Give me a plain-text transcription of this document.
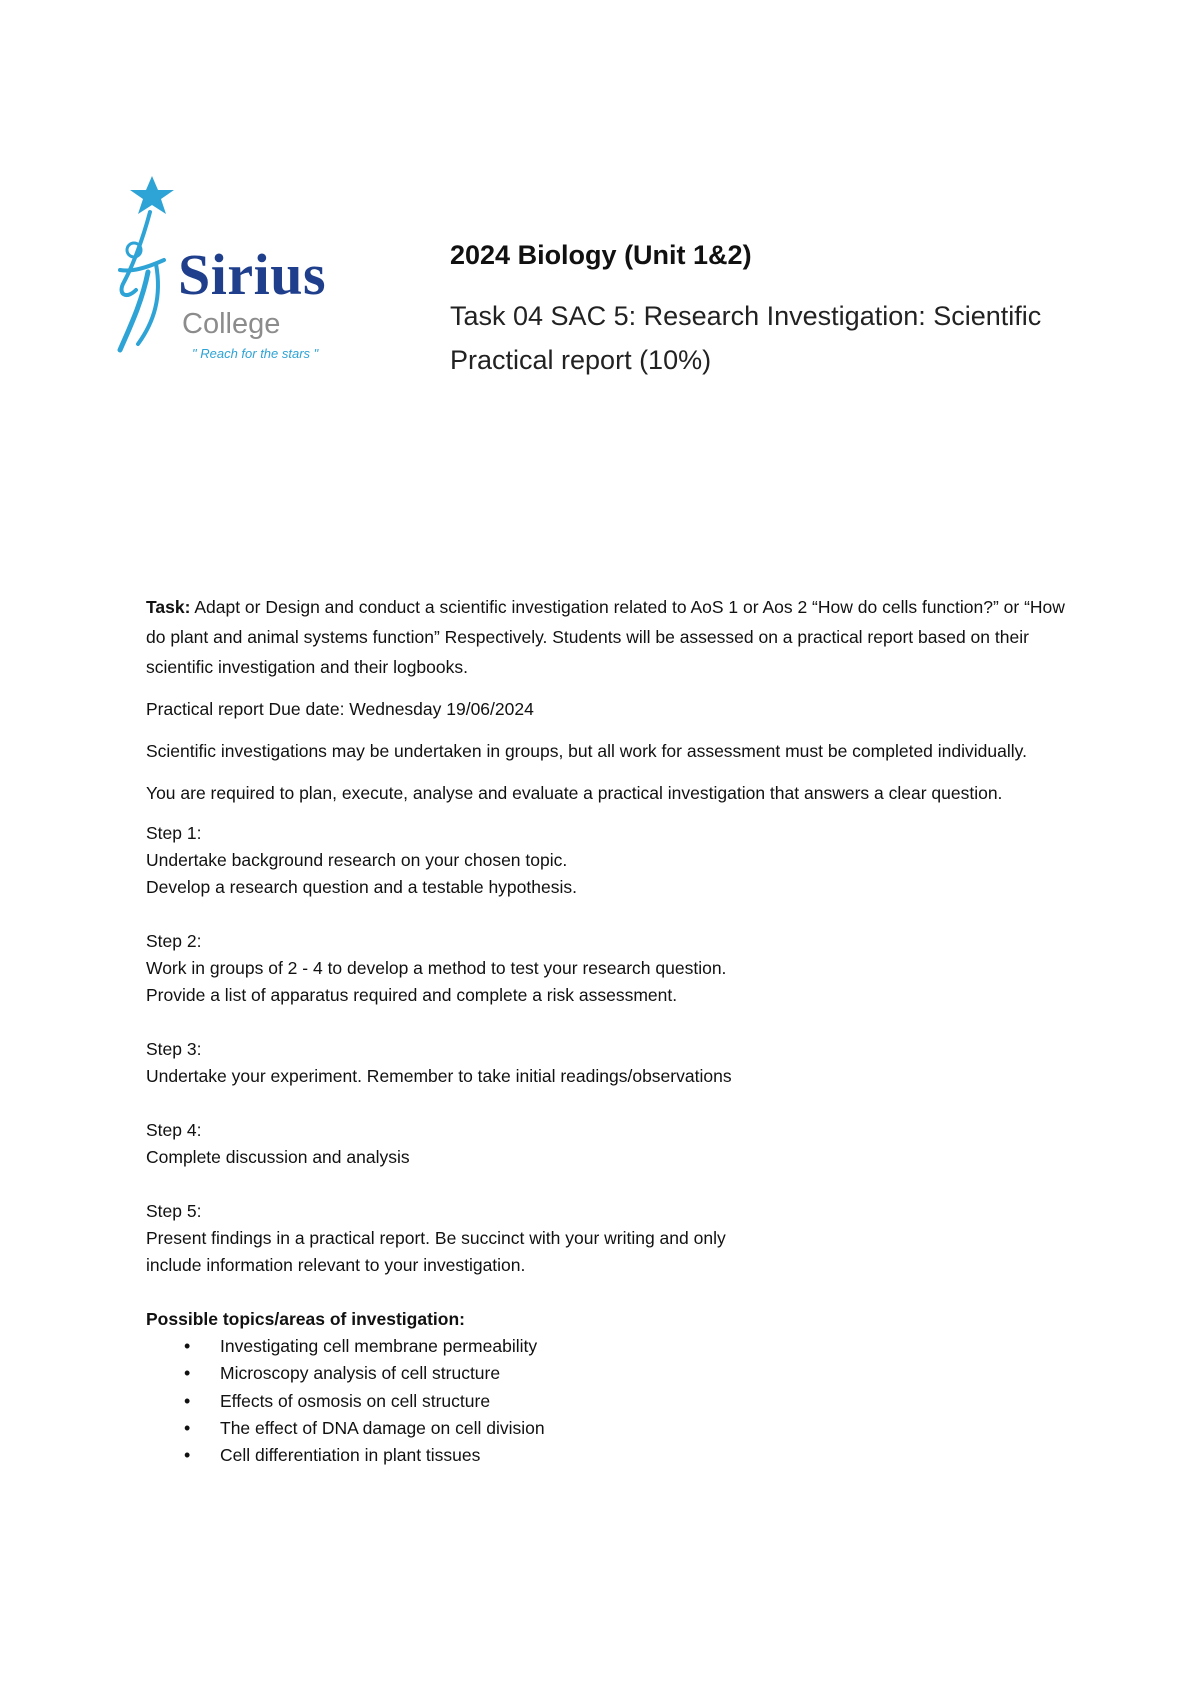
Sirius
College
" Reach for the stars "
2024 Biology (Unit 1&2)
Task 04 SAC 5: Research Investigation: Scientific Practical report (10%)

Task: Adapt or Design and conduct a scientific investigation related to AoS 1 or Aos 2 “How do cells function?” or “How do plant and animal systems function” Respectively. Students will be assessed on a practical report based on their scientific investigation and their logbooks.

Practical report Due date: Wednesday 19/06/2024

Scientific investigations may be undertaken in groups, but all work for assessment must be completed individually.

You are required to plan, execute, analyse and evaluate a practical investigation that answers a clear question.

Step 1:
Undertake background research on your chosen topic.
Develop a research question and a testable hypothesis.
Step 2:
Work in groups of 2 - 4 to develop a method to test your research question.
Provide a list of apparatus required and complete a risk assessment.
Step 3:
Undertake your experiment. Remember to take initial readings/observations
Step 4:
Complete discussion and analysis
Step 5:
Present findings in a practical report. Be succinct with your writing and only
include information relevant to your investigation.
Possible topics/areas of investigation:
• Investigating cell membrane permeability
• Microscopy analysis of cell structure
• Effects of osmosis on cell structure
• The effect of DNA damage on cell division
• Cell differentiation in plant tissues
